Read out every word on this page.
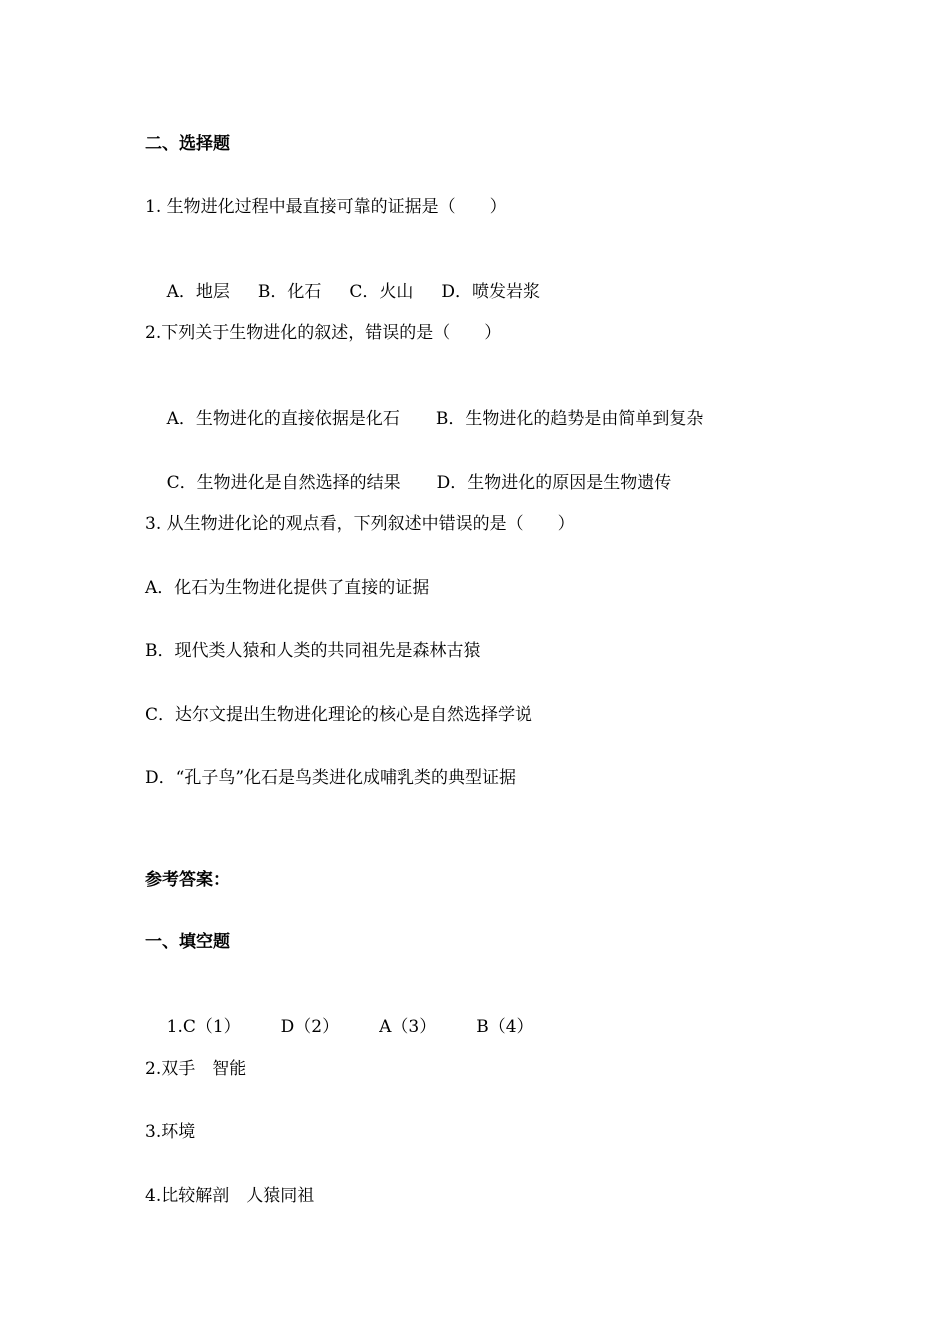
二、选择题

1. 生物进化过程中最直接可靠的证据是（　　）

A．地层 B．化石 C．火山 D．喷发岩浆

2.下列关于生物进化的叙述，错误的是（　　）

A．生物进化的直接依据是化石 B．生物进化的趋势是由简单到复杂

C．生物进化是自然选择的结果 D．生物进化的原因是生物遗传

3. 从生物进化论的观点看，下列叙述中错误的是（　　）

A．化石为生物进化提供了直接的证据

B．现代类人猿和人类的共同祖先是森林古猿

C．达尔文提出生物进化理论的核心是自然选择学说

D．“孔子鸟”化石是鸟类进化成哺乳类的典型证据

参考答案：

一、填空题

1.C（1） D（2） A（3） B（4）

2.双手　智能

3.环境

4.比较解剖　人猿同祖
